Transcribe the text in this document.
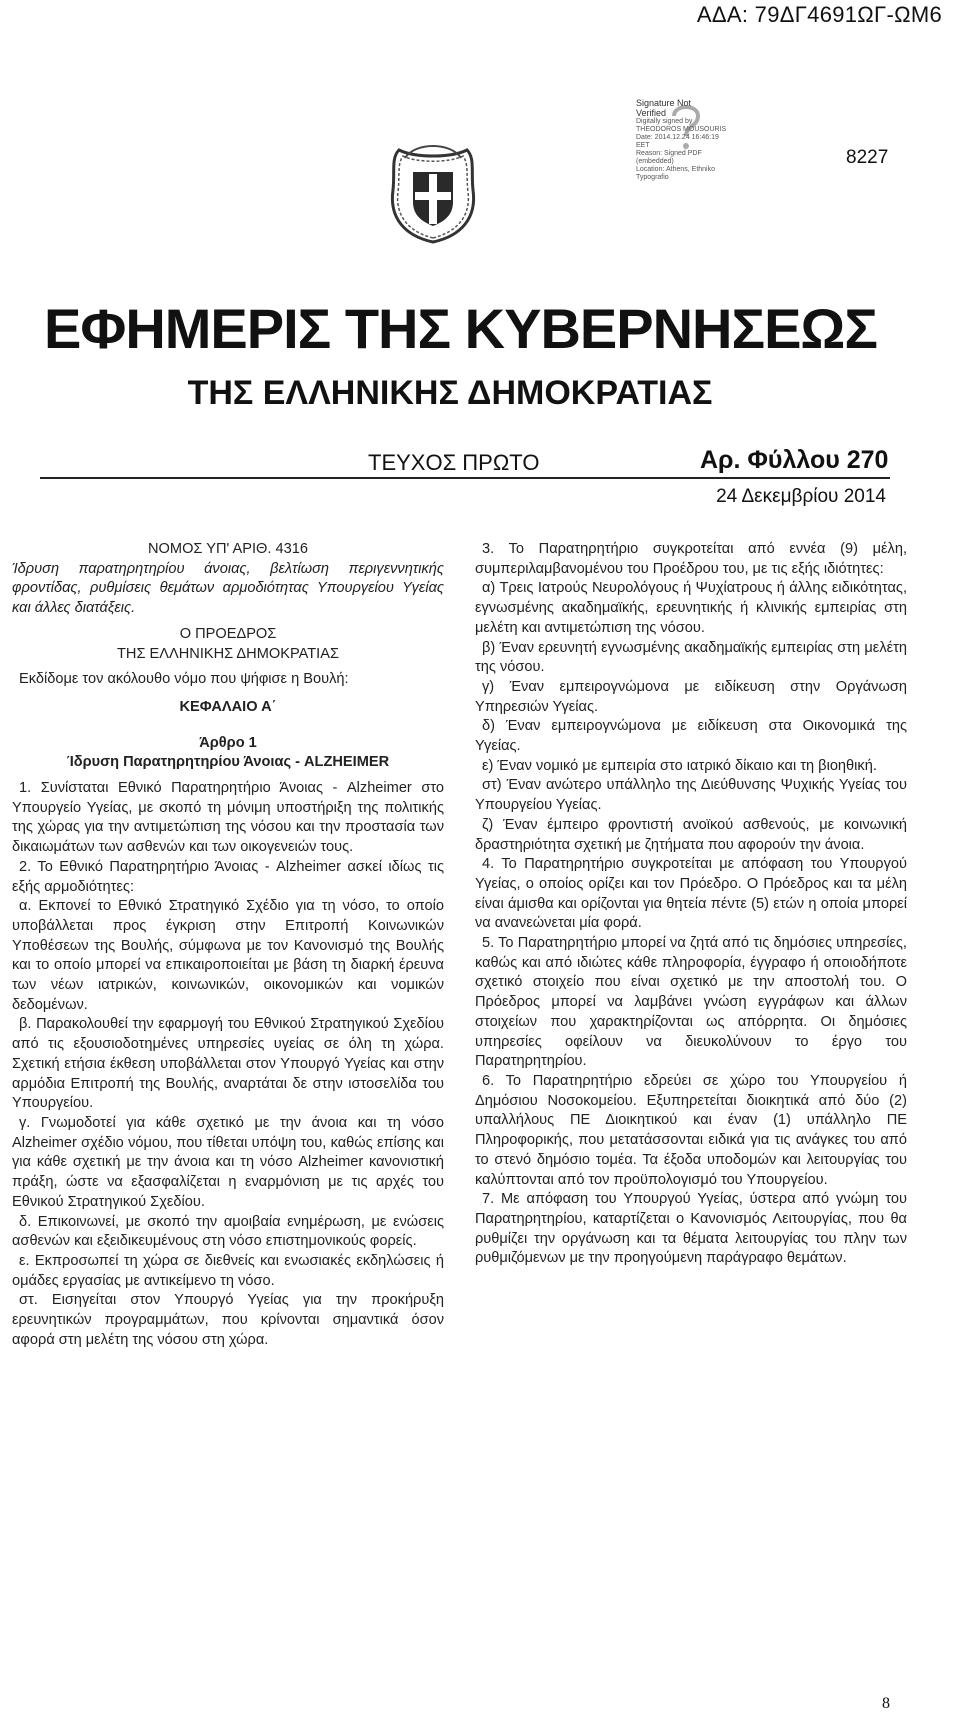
ΑΔΑ: 79ΔΓ4691ΩΓ-ΩΜ6
Signature Not
Verified
Digitally signed by
THEODOROS MOUSOURIS
Date: 2014.12.24 16:46:19
EET
Reason: Signed PDF
(embedded)
Location: Athens, Ethniko
Typografio
8227
ΕΦΗΜΕΡΙΣ ΤΗΣ ΚΥΒΕΡΝΗΣΕΩΣ
ΤΗΣ ΕΛΛΗΝΙΚΗΣ ΔΗΜΟΚΡΑΤΙΑΣ
ΤΕΥΧΟΣ ΠΡΩΤΟ	Αρ. Φύλλου 270
24 Δεκεμβρίου 2014

ΝΟΜΟΣ ΥΠ' ΑΡΙΘ. 4316

Ίδρυση παρατηρητηρίου άνοιας, βελτίωση περιγεννητικής φροντίδας, ρυθμίσεις θεμάτων αρμοδιότητας Υπουργείου Υγείας και άλλες διατάξεις.

Ο ΠΡΟΕΔΡΟΣ

ΤΗΣ ΕΛΛΗΝΙΚΗΣ ΔΗΜΟΚΡΑΤΙΑΣ

Εκδίδομε τον ακόλουθο νόμο που ψήφισε η Βουλή:

ΚΕΦΑΛΑΙΟ Α΄

Άρθρο 1

Ίδρυση Παρατηρητηρίου Άνοιας - ALZHEIMER

1. Συνίσταται Εθνικό Παρατηρητήριο Άνοιας - Alzheimer στο Υπουργείο Υγείας, με σκοπό τη μόνιμη υποστήριξη της πολιτικής της χώρας για την αντιμετώπιση της νόσου και την προστασία των δικαιωμάτων των ασθενών και των οικογενειών τους.

2. Το Εθνικό Παρατηρητήριο Άνοιας - Alzheimer ασκεί ιδίως τις εξής αρμοδιότητες:

α. Εκπονεί το Εθνικό Στρατηγικό Σχέδιο για τη νόσο, το οποίο υποβάλλεται προς έγκριση στην Επιτροπή Κοινωνικών Υποθέσεων της Βουλής, σύμφωνα με τον Κανονισμό της Βουλής και το οποίο μπορεί να επικαιροποιείται με βάση τη διαρκή έρευνα των νέων ιατρικών, κοινωνικών, οικονομικών και νομικών δεδομένων.

β. Παρακολουθεί την εφαρμογή του Εθνικού Στρατηγικού Σχεδίου από τις εξουσιοδοτημένες υπηρεσίες υγείας σε όλη τη χώρα. Σχετική ετήσια έκθεση υποβάλλεται στον Υπουργό Υγείας και στην αρμόδια Επιτροπή της Βουλής, αναρτάται δε στην ιστοσελίδα του Υπουργείου.

γ. Γνωμοδοτεί για κάθε σχετικό με την άνοια και τη νόσο Alzheimer σχέδιο νόμου, που τίθεται υπόψη του, καθώς επίσης και για κάθε σχετική με την άνοια και τη νόσο Alzheimer κανονιστική πράξη, ώστε να εξασφαλίζεται η εναρμόνιση με τις αρχές του Εθνικού Στρατηγικού Σχεδίου.

δ. Επικοινωνεί, με σκοπό την αμοιβαία ενημέρωση, με ενώσεις ασθενών και εξειδικευμένους στη νόσο επιστημονικούς φορείς.

ε. Εκπροσωπεί τη χώρα σε διεθνείς και ενωσιακές εκδηλώσεις ή ομάδες εργασίας με αντικείμενο τη νόσο.

στ. Εισηγείται στον Υπουργό Υγείας για την προκήρυξη ερευνητικών προγραμμάτων, που κρίνονται σημαντικά όσον αφορά στη μελέτη της νόσου στη χώρα.

3. Το Παρατηρητήριο συγκροτείται από εννέα (9) μέλη, συμπεριλαμβανομένου του Προέδρου του, με τις εξής ιδιότητες:

α) Τρεις Ιατρούς Νευρολόγους ή Ψυχίατρους ή άλλης ειδικότητας, εγνωσμένης ακαδημαϊκής, ερευνητικής ή κλινικής εμπειρίας στη μελέτη και αντιμετώπιση της νόσου.

β) Έναν ερευνητή εγνωσμένης ακαδημαϊκής εμπειρίας στη μελέτη της νόσου.

γ) Έναν εμπειρογνώμονα με ειδίκευση στην Οργάνωση Υπηρεσιών Υγείας.

δ) Έναν εμπειρογνώμονα με ειδίκευση στα Οικονομικά της Υγείας.

ε) Έναν νομικό με εμπειρία στο ιατρικό δίκαιο και τη βιοηθική.

στ) Έναν ανώτερο υπάλληλο της Διεύθυνσης Ψυχικής Υγείας του Υπουργείου Υγείας.

ζ) Έναν έμπειρο φροντιστή ανοϊκού ασθενούς, με κοινωνική δραστηριότητα σχετική με ζητήματα που αφορούν την άνοια.

4. Το Παρατηρητήριο συγκροτείται με απόφαση του Υπουργού Υγείας, ο οποίος ορίζει και τον Πρόεδρο. Ο Πρόεδρος και τα μέλη είναι άμισθα και ορίζονται για θητεία πέντε (5) ετών η οποία μπορεί να ανανεώνεται μία φορά.

5. Το Παρατηρητήριο μπορεί να ζητά από τις δημόσιες υπηρεσίες, καθώς και από ιδιώτες κάθε πληροφορία, έγγραφο ή οποιοδήποτε σχετικό στοιχείο που είναι σχετικό με την αποστολή του. Ο Πρόεδρος μπορεί να λαμβάνει γνώση εγγράφων και άλλων στοιχείων που χαρακτηρίζονται ως απόρρητα. Οι δημόσιες υπηρεσίες οφείλουν να διευκολύνουν το έργο του Παρατηρητηρίου.

6. Το Παρατηρητήριο εδρεύει σε χώρο του Υπουργείου ή Δημόσιου Νοσοκομείου. Εξυπηρετείται διοικητικά από δύο (2) υπαλλήλους ΠΕ Διοικητικού και έναν (1) υπάλληλο ΠΕ Πληροφορικής, που μετατάσσονται ειδικά για τις ανάγκες του από το στενό δημόσιο τομέα. Τα έξοδα υποδομών και λειτουργίας του καλύπτονται από τον προϋπολογισμό του Υπουργείου.

7. Με απόφαση του Υπουργού Υγείας, ύστερα από γνώμη του Παρατηρητηρίου, καταρτίζεται ο Κανονισμός Λειτουργίας, που θα ρυθμίζει την οργάνωση και τα θέματα λειτουργίας του πλην των ρυθμιζόμενων με την προηγούμενη παράγραφο θεμάτων.

8
